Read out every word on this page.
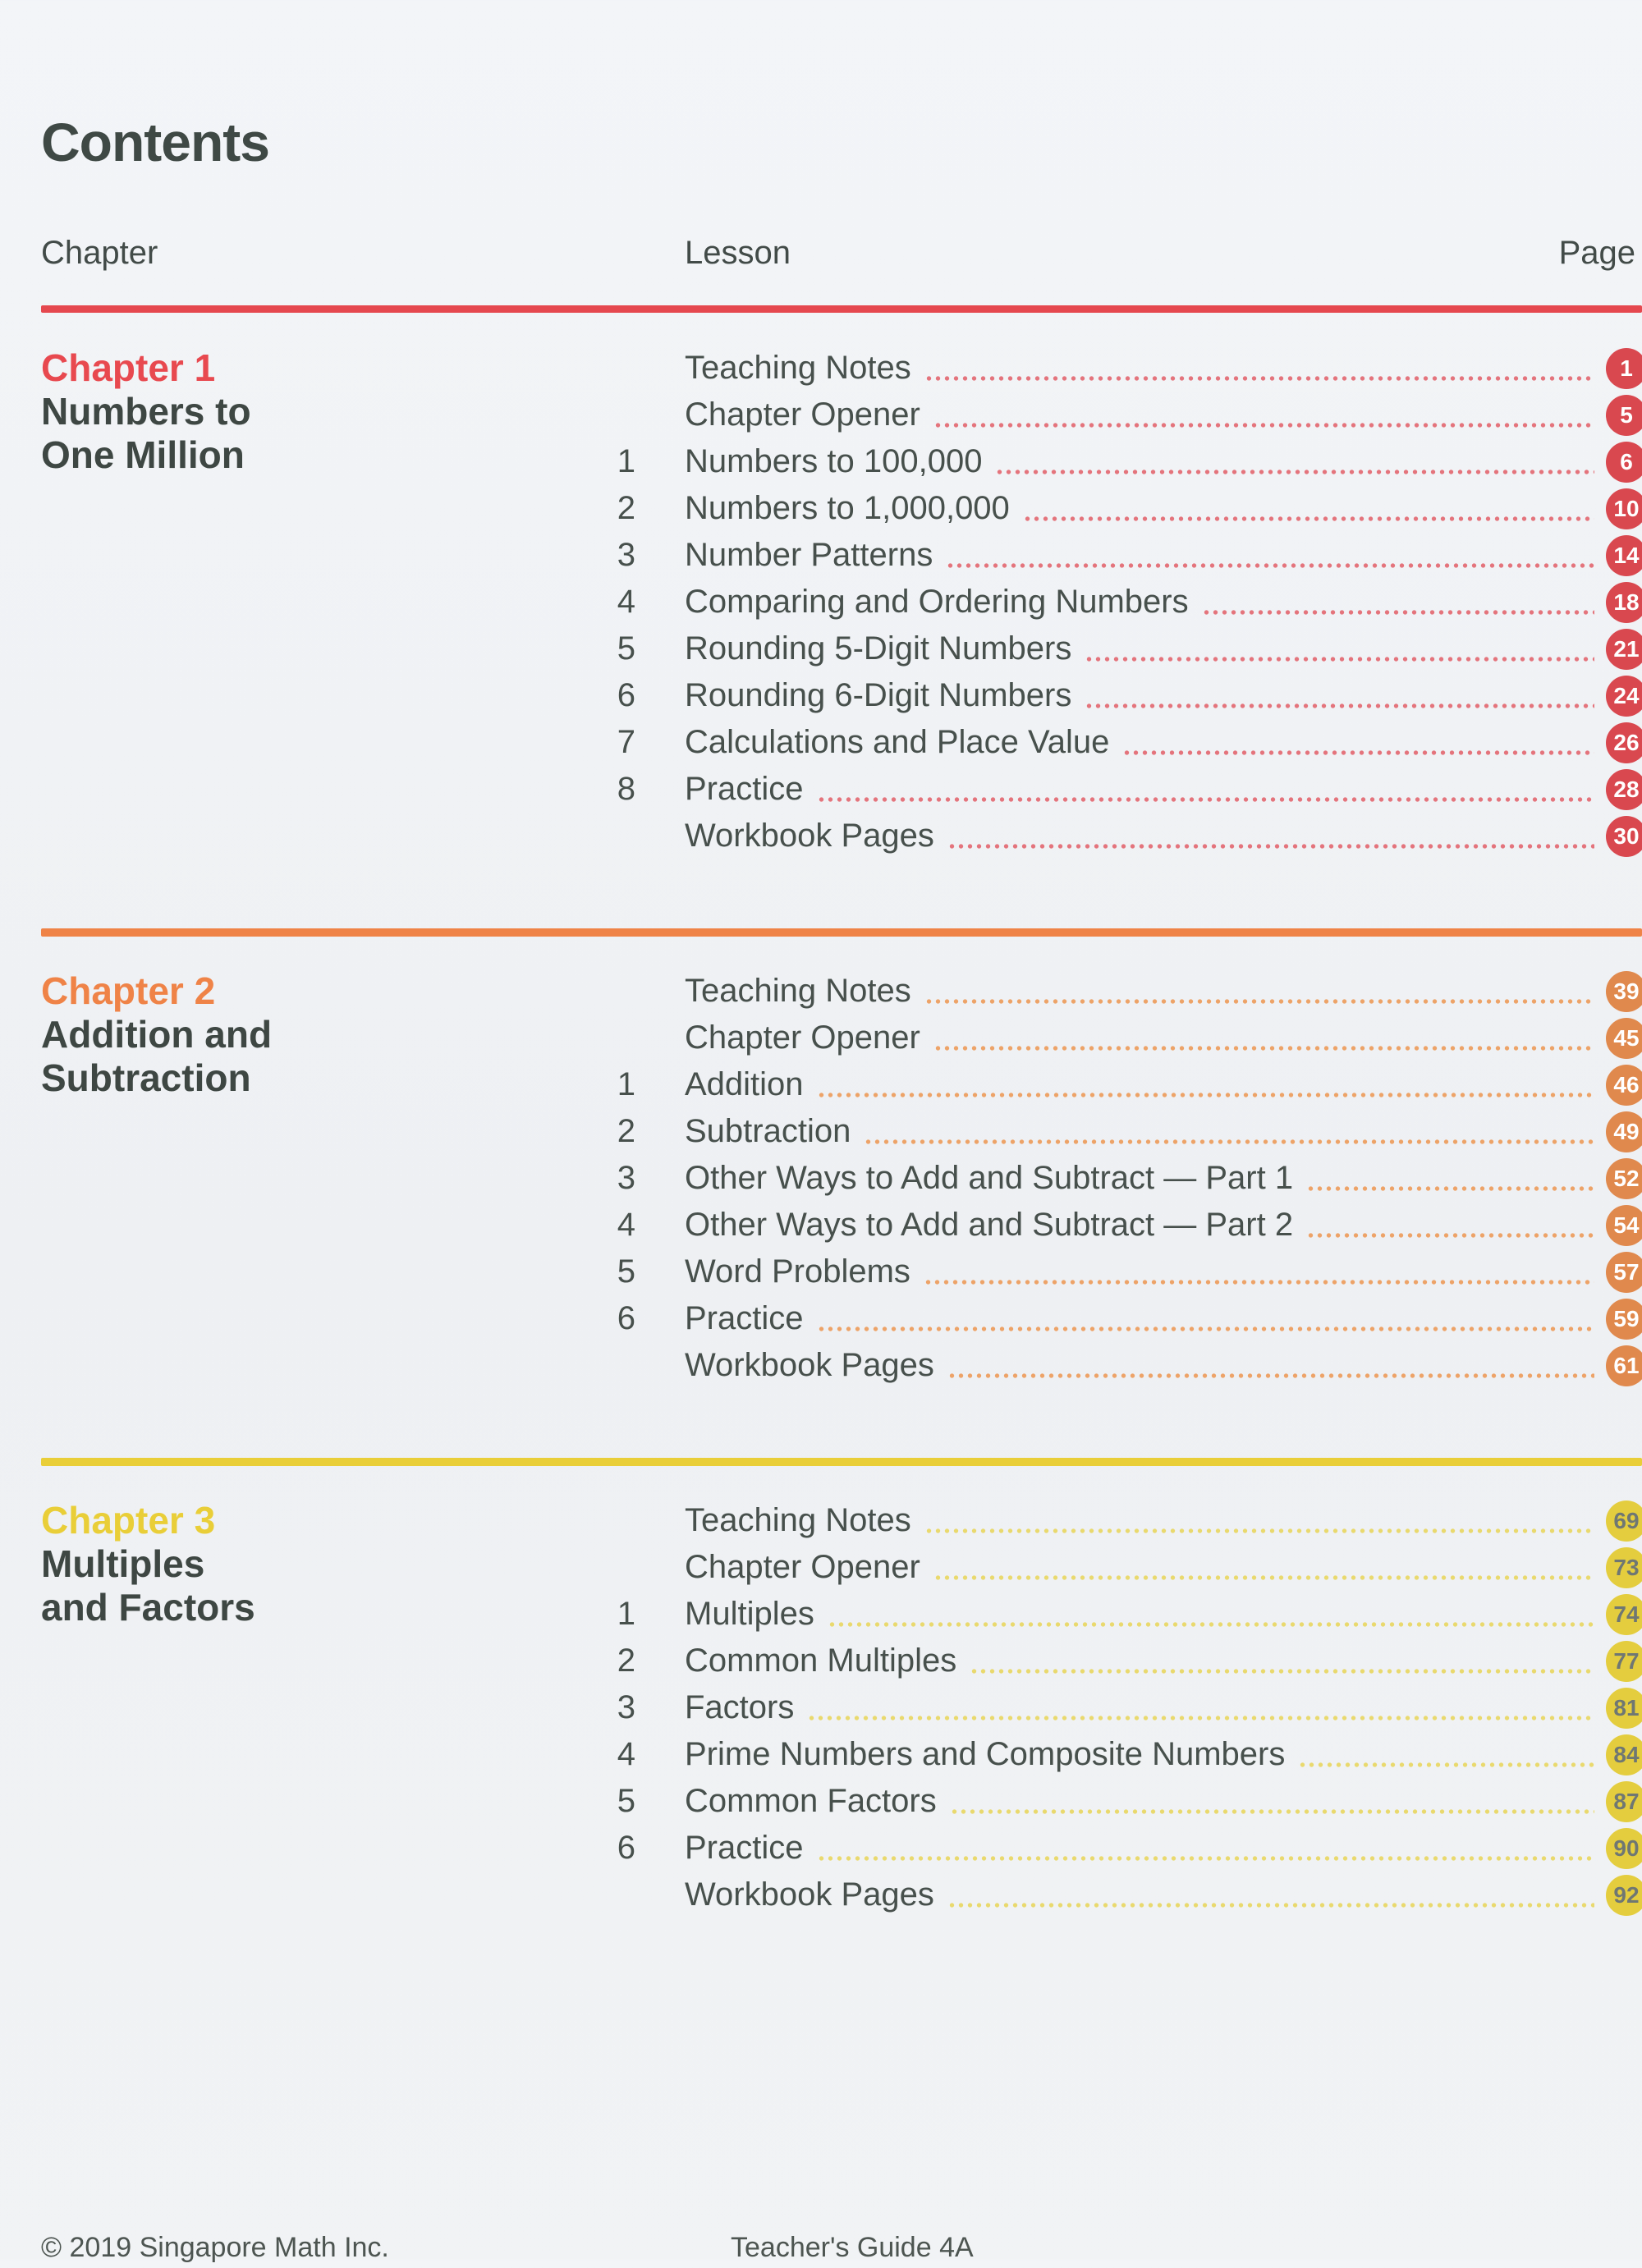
Contents
Chapter	Lesson	Page
Chapter 1
Numbers to
One Million
Teaching Notes	1
Chapter Opener	5
1 Numbers to 100,000	6
2 Numbers to 1,000,000	10
3 Number Patterns	14
4 Comparing and Ordering Numbers	18
5 Rounding 5-Digit Numbers	21
6 Rounding 6-Digit Numbers	24
7 Calculations and Place Value	26
8 Practice	28
Workbook Pages	30
Chapter 2
Addition and
Subtraction
Teaching Notes	39
Chapter Opener	45
1 Addition	46
2 Subtraction	49
3 Other Ways to Add and Subtract — Part 1	52
4 Other Ways to Add and Subtract — Part 2	54
5 Word Problems	57
6 Practice	59
Workbook Pages	61
Chapter 3
Multiples
and Factors
Teaching Notes	69
Chapter Opener	73
1 Multiples	74
2 Common Multiples	77
3 Factors	81
4 Prime Numbers and Composite Numbers	84
5 Common Factors	87
6 Practice	90
Workbook Pages	92
© 2019 Singapore Math Inc.	Teacher's Guide 4A
